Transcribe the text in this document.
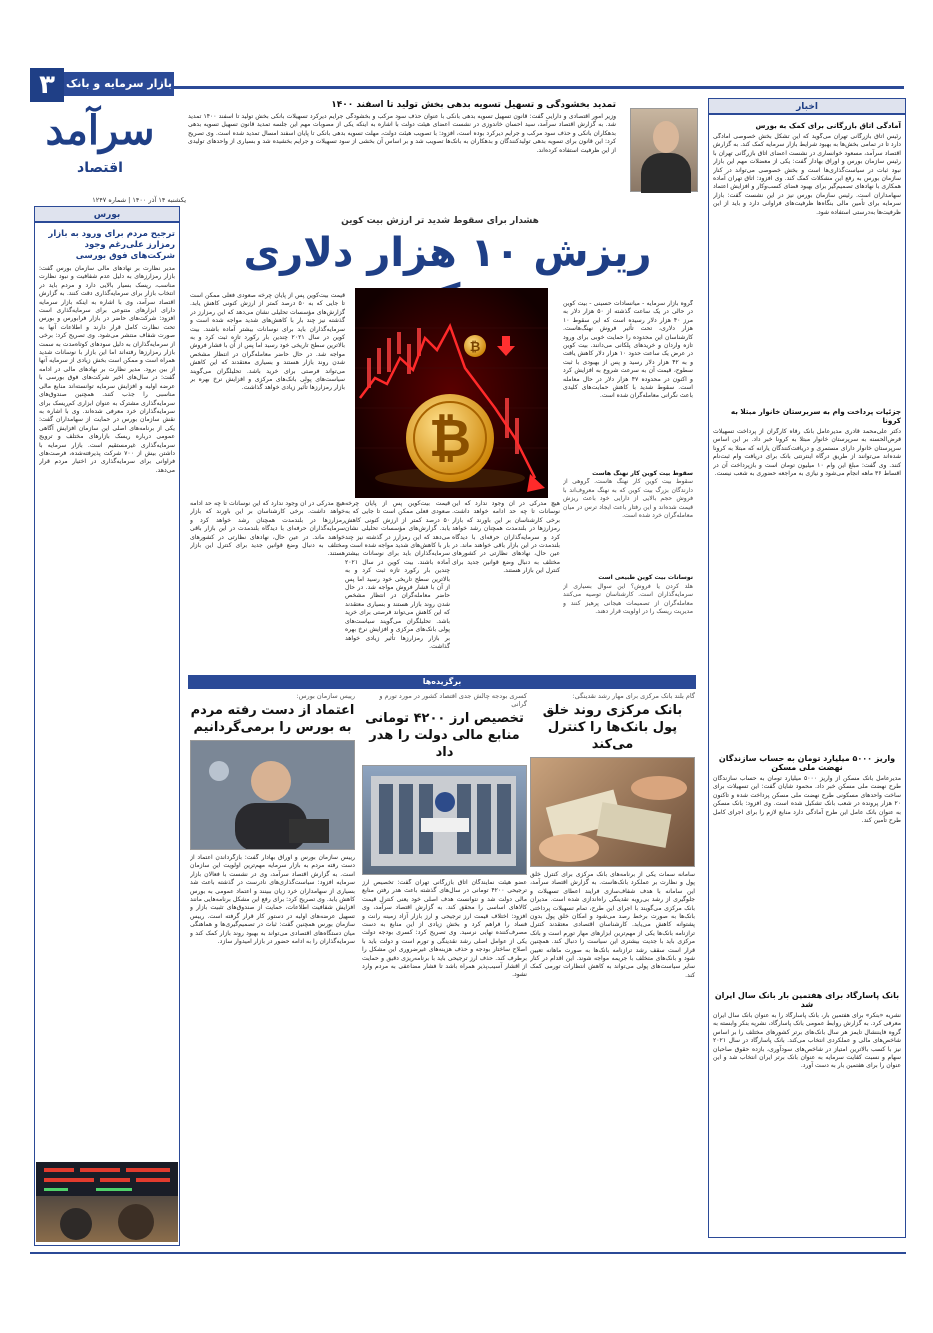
۳	بازار سرمایه و بانک
سرآمد
اقتصاد
یکشنبه ۱۴ آذر ۱۴۰۰ | شماره ۱۲۴۷
تمدید بخشودگی و تسهیل تسویه بدهی بخش تولید تا اسفند ۱۴۰۰
وزیر امور اقتصادی و دارایی گفت: قانون تسهیل تسویه بدهی بانکی با عنوان حذف سود مرکب و بخشودگی جرایم دیرکرد تسهیلات بانکی بخش تولید تا اسفند ۱۴۰۰ تمدید شد. به گزارش اقتصاد سرآمد، سید احسان خاندوزی در نشست اعضای هیئت دولت با اشاره به اینکه یکی از مصوبات مهم این جلسه تمدید قانون تسهیل تسویه بدهی بدهکاران بانکی و حذف سود مرکب و جرایم دیرکرد بوده است، افزود: با تصویب هیئت دولت، مهلت تسویه بدهی بانکی تا پایان اسفند امسال تمدید شده است. وی تصریح کرد: این قانون برای تسویه بدهی تولیدکنندگان و بدهکاران به بانک‌ها تصویب شد و بر اساس آن بخشی از سود تسهیلات و جرایم بخشیده شد و بسیاری از واحدهای تولیدی از این ظرفیت استفاده کرده‌اند.
اخبار
آمادگی اتاق بازرگانی برای کمک به بورس
رئیس اتاق بازرگانی تهران می‌گوید که این تشکل بخش خصوصی آمادگی دارد تا در تمامی بخش‌ها به بهبود شرایط بازار سرمایه کمک کند. به گزارش اقتصاد سرآمد، مسعود خوانساری در نشست اعضای اتاق بازرگانی تهران با رئیس سازمان بورس و اوراق بهادار گفت: یکی از معضلات مهم این بازار نبود ثبات در سیاست‌گذاری‌ها است و بخش خصوصی می‌تواند در کنار سازمان بورس به رفع این مشکلات کمک کند. وی افزود: اتاق تهران آماده همکاری با نهادهای تصمیم‌گیر برای بهبود فضای کسب‌وکار و افزایش اعتماد سهامداران است. رئیس سازمان بورس نیز در این نشست گفت: بازار سرمایه برای تأمین مالی بنگاه‌ها ظرفیت‌های فراوانی دارد و باید از این ظرفیت‌ها به‌درستی استفاده شود.
جزئیات پرداخت وام به سربرستان خانوار مبتلا به کرونا
دکتر علی‌محمد قادری مدیرعامل بانک رفاه کارگران از پرداخت تسهیلات قرض‌الحسنه به سرپرستان خانوار مبتلا به کرونا خبر داد. بر این اساس سرپرستان خانوار دارای مستمری و دریافت‌کنندگان یارانه که مبتلا به کرونا شده‌اند می‌توانند از طریق درگاه اینترنتی بانک برای دریافت وام ثبت‌نام کنند. وی گفت: مبلغ این وام ۱۰ میلیون تومان است و بازپرداخت آن در اقساط ۳۶ ماهه انجام می‌شود و نیازی به مراجعه حضوری به شعب نیست.
واریز ۵۰۰۰ میلیارد تومان به حساب سازندگان نهضت ملی مسکن
مدیرعامل بانک مسکن از واریز ۵۰۰۰ میلیارد تومان به حساب سازندگان طرح نهضت ملی مسکن خبر داد. محمود شایان گفت: این تسهیلات برای ساخت واحدهای مسکونی طرح نهضت ملی مسکن پرداخت شده و تاکنون ۲۰ هزار پرونده در شعب بانک تشکیل شده است. وی افزود: بانک مسکن به عنوان بانک عامل این طرح آمادگی دارد منابع لازم را برای اجرای کامل طرح تأمین کند.
بانک پاسارگاد برای هفتمین بار بانک سال ایران شد
نشریه «بنکر» برای هفتمین بار، بانک پاسارگاد را به عنوان بانک سال ایران معرفی کرد. به گزارش روابط عمومی بانک پاسارگاد، نشریه بنکر وابسته به گروه فایننشال تایمز هر سال بانک‌های برتر کشورهای مختلف را بر اساس شاخص‌های مالی و عملکردی انتخاب می‌کند. بانک پاسارگاد در سال ۲۰۲۱ نیز با کسب بالاترین امتیاز در شاخص‌های سودآوری، بازده حقوق صاحبان سهام و نسبت کفایت سرمایه به عنوان بانک برتر ایران انتخاب شد و این عنوان را برای هفتمین بار به دست آورد.
بورس
ترجیح مردم برای ورود به بازار رمزارز علی‌رغم وجود شرکت‌های فوق بورسی
مدیر نظارت بر نهادهای مالی سازمان بورس گفت: بازار رمزارزهای به دلیل عدم شفافیت و نبود نظارت مناسب، ریسک بسیار بالایی دارد و مردم باید در انتخاب بازار برای سرمایه‌گذاری دقت کنند. به گزارش اقتصاد سرآمد، وی با اشاره به اینکه بازار سرمایه دارای ابزارهای متنوعی برای سرمایه‌گذاری است افزود: شرکت‌های حاضر در بازار فرابورس و بورس تحت نظارت کامل قرار دارند و اطلاعات آنها به صورت شفاف منتشر می‌شود. وی تصریح کرد: برخی از سرمایه‌گذاران به دلیل سودهای کوتاه‌مدت به سمت بازار رمزارزها رفته‌اند اما این بازار با نوسانات شدید همراه است و ممکن است بخش زیادی از سرمایه آنها از بین برود. مدیر نظارت بر نهادهای مالی در ادامه گفت: در سال‌های اخیر شرکت‌های فوق بورسی با عرضه اولیه و افزایش سرمایه توانسته‌اند منابع مالی مناسبی را جذب کنند. همچنین صندوق‌های سرمایه‌گذاری مشترک به عنوان ابزاری کم‌ریسک برای سرمایه‌گذاران خرد معرفی شده‌اند. وی با اشاره به نقش سازمان بورس در حمایت از سهامداران گفت: یکی از برنامه‌های اصلی این سازمان افزایش آگاهی عمومی درباره ریسک بازارهای مختلف و ترویج سرمایه‌گذاری غیرمستقیم است. بازار سرمایه با داشتن بیش از ۷۰۰ شرکت پذیرفته‌شده، فرصت‌های فراوانی برای سرمایه‌گذاری در اختیار مردم قرار می‌دهد.
هشدار برای سقوط شدید تر ارزش بیت کوین
ریزش ۱۰ هزار دلاری
₿
₿
گروه بازار سرمایه - میانسادات حسینی - بیت کوین در حالی در یک ساعت گذشته از ۵۰ هزار دلار به مرز ۴۰ هزار دلار رسیده است که این سقوط ۱۰ هزار دلاری، تحت تأثیر فروش نهنگ‌هاست. کارشناسان این محدوده را حمایت خوبی برای ورود تازه واردان و خریدهای پلکانی می‌دانند. بیت کوین در عرض یک ساعت حدود ۱۰ هزار دلار کاهش یافت و به ۴۲ هزار دلار رسید و پس از بهبودی با ثبت سطوح، قیمت آن به سرعت شروع به افزایش کرد و اکنون در محدوده ۴۷ هزار دلار در حال معامله است. سقوط شدید با کاهش حمایت‌های کلیدی باعث نگرانی معامله‌گران شده است.
سقوط بیت کوین کار نهنگ هاست
سقوط بیت کوین کار نهنگ هاست. گروهی از دارندگان بزرگ بیت کوین که به نهنگ معروف‌اند با فروش حجم بالایی از دارایی خود باعث ریزش قیمت شده‌اند و این رفتار باعث ایجاد ترس در میان معامله‌گران خرد شده است.
نوسانات بیت کوین طبیعی است
هلد کردن یا فروش؟ این سوال بسیاری از سرمایه‌گذاران است. کارشناسان توصیه می‌کنند معامله‌گران از تصمیمات هیجانی پرهیز کنند و مدیریت ریسک را در اولویت قرار دهند.
قیمت بیت‌کوین پس از پایان چرخه صعودی فعلی ممکن است تا جایی که به ۵۰ درصد کمتر از ارزش کنونی کاهش یابد. گزارش‌های مؤسسات تحلیلی نشان می‌دهد که این رمزارز در گذشته نیز چند بار با کاهش‌های شدید مواجه شده است و سرمایه‌گذاران باید برای نوسانات بیشتر آماده باشند. بیت کوین در سال ۲۰۲۱ چندین بار رکورد تازه ثبت کرد و به بالاترین سطح تاریخی خود رسید اما پس از آن با فشار فروش مواجه شد. در حال حاضر معامله‌گران در انتظار مشخص شدن روند بازار هستند و بسیاری معتقدند که این کاهش می‌تواند فرصتی برای خرید باشد. تحلیلگران می‌گویند سیاست‌های پولی بانک‌های مرکزی و افزایش نرخ بهره بر بازار رمزارزها تأثیر زیادی خواهد گذاشت.
هیچ مدرکی در آن وجود ندارد که این نوسانات تا چه حد ادامه خواهد داشت. برخی کارشناسان بر این باورند که بازار رمزارزها در بلندمدت همچنان رشد خواهد کرد و سرمایه‌گذاران حرفه‌ای با دیدگاه بلندمدت در این بازار باقی خواهند ماند. در عین حال، نهادهای نظارتی در کشورهای مختلف به دنبال وضع قوانین جدید برای کنترل این بازار هستند.
قیمت بیت‌کوین پس از پایان چرخه صعودی فعلی ممکن است تا جایی که به ۵۰ درصد کمتر از ارزش کنونی کاهش یابد. گزارش‌های مؤسسات تحلیلی نشان می‌دهد که این رمزارز در گذشته نیز چند بار با کاهش‌های شدید مواجه شده است و سرمایه‌گذاران باید برای نوسانات بیشتر آماده باشند. بیت کوین در سال ۲۰۲۱ چندین بار رکورد تازه ثبت کرد و به بالاترین سطح تاریخی خود رسید اما پس از آن با فشار فروش مواجه شد. در حال حاضر معامله‌گران در انتظار مشخص شدن روند بازار هستند و بسیاری معتقدند که این کاهش می‌تواند فرصتی برای خرید باشد. تحلیلگران می‌گویند سیاست‌های پولی بانک‌های مرکزی و افزایش نرخ بهره بر بازار رمزارزها تأثیر زیادی خواهد گذاشت.
هیچ مدرکی در آن وجود ندارد که این نوسانات تا چه حد ادامه خواهد داشت. برخی کارشناسان بر این باورند که بازار رمزارزها در بلندمدت همچنان رشد خواهد کرد و سرمایه‌گذاران حرفه‌ای با دیدگاه بلندمدت در این بازار باقی خواهند ماند. در عین حال، نهادهای نظارتی در کشورهای مختلف به دنبال وضع قوانین جدید برای کنترل این بازار هستند.
برگزیده‌ها
گام بلند بانک مرکزی برای مهار رشد نقدینگی:
بانک مرکزی روند خلق پول بانک‌ها را کنترل می‌کند
سامانه سمات یکی از برنامه‌های بانک مرکزی برای کنترل خلق پول و نظارت بر عملکرد بانک‌هاست. به گزارش اقتصاد سرآمد، این سامانه با هدف شفاف‌سازی فرایند اعطای تسهیلات و جلوگیری از رشد بی‌رویه نقدینگی راه‌اندازی شده است. مدیران بانک مرکزی می‌گویند با اجرای این طرح، تمام تسهیلات پرداختی بانک‌ها به صورت برخط رصد می‌شود و امکان خلق پول بدون پشتوانه کاهش می‌یابد. کارشناسان اقتصادی معتقدند کنترل ترازنامه بانک‌ها یکی از مهم‌ترین ابزارهای مهار تورم است و بانک مرکزی باید با جدیت بیشتری این سیاست را دنبال کند. همچنین قرار است سقف رشد ترازنامه بانک‌ها به صورت ماهانه تعیین شود و بانک‌های متخلف با جریمه مواجه شوند. این اقدام در کنار سایر سیاست‌های پولی می‌تواند به کاهش انتظارات تورمی کمک کند.
کسری بودجه چالش جدی اقتصاد کشور در مورد تورم و گرانی
تخصیص ارز ۴۲۰۰ تومانی منابع مالی دولت را هدر داد
عضو هیئت نمایندگان اتاق بازرگانی تهران گفت: تخصیص ارز ترجیحی ۴۲۰۰ تومانی در سال‌های گذشته باعث هدر رفتن منابع مالی دولت شد و نتوانست هدف اصلی خود یعنی کنترل قیمت کالاهای اساسی را محقق کند. به گزارش اقتصاد سرآمد، وی افزود: اختلاف قیمت ارز ترجیحی و ارز بازار آزاد زمینه رانت و فساد را فراهم کرد و بخش زیادی از این منابع به دست مصرف‌کننده نهایی نرسید. وی تصریح کرد: کسری بودجه دولت یکی از عوامل اصلی رشد نقدینگی و تورم است و دولت باید با اصلاح ساختار بودجه و حذف هزینه‌های غیرضروری این مشکل را برطرف کند. حذف ارز ترجیحی باید با برنامه‌ریزی دقیق و حمایت از اقشار آسیب‌پذیر همراه باشد تا فشار مضاعفی به مردم وارد نشود.
رییس سازمان بورس:
اعتماد از دست رفته مردم به بورس را برمی‌گردانیم
رییس سازمان بورس و اوراق بهادار گفت: بازگرداندن اعتماد از دست رفته مردم به بازار سرمایه مهم‌ترین اولویت این سازمان است. به گزارش اقتصاد سرآمد، وی در نشست با فعالان بازار سرمایه افزود: سیاست‌گذاری‌های نادرست در گذشته باعث شد بسیاری از سهامداران خرد زیان ببینند و اعتماد عمومی به بورس کاهش یابد. وی تصریح کرد: برای رفع این مشکل برنامه‌هایی مانند افزایش شفافیت اطلاعات، حمایت از صندوق‌های تثبیت بازار و تسهیل عرضه‌های اولیه در دستور کار قرار گرفته است. رییس سازمان بورس همچنین گفت: ثبات در تصمیم‌گیری‌ها و هماهنگی میان دستگاه‌های اقتصادی می‌تواند به بهبود روند بازار کمک کند و سرمایه‌گذاران را به ادامه حضور در بازار امیدوار سازد.
